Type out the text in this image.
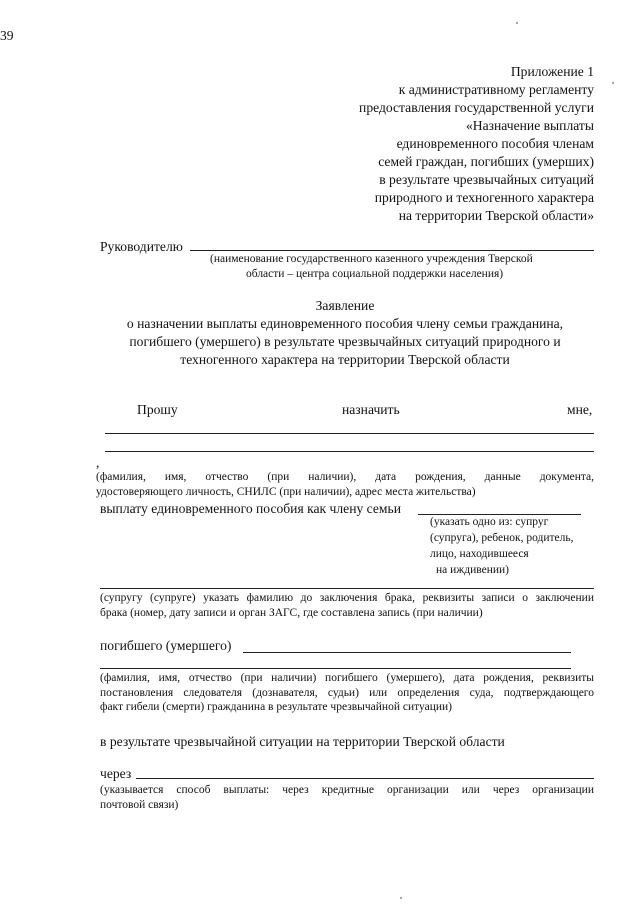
39
Приложение 1
к административному регламенту
предоставления государственной услуги
«Назначение выплаты
единовременного пособия членам
семей граждан, погибших (умерших)
в результате чрезвычайных ситуаций
природного и техногенного характера
на территории Тверской области»
Руководителю
(наименование государственного казенного учреждения Тверской
области – центра социальной поддержки населения)
Заявление
о назначении выплаты единовременного пособия члену семьи гражданина,
погибшего (умершего) в результате чрезвычайных ситуаций природного и
техногенного характера на территории Тверской области
Прошу	назначить	мне,
,
(фамилия, имя, отчество (при наличии), дата рождения, данные документа,
удостоверяющего личность, СНИЛС (при наличии), адрес места жительства)
выплату единовременного пособия как члену семьи
(указать одно из: супруг
(супруга), ребенок, родитель,
лицо, находившееся
на иждивении)
(супругу (супруге) указать фамилию до заключения брака, реквизиты записи о заключении
брака (номер, дату записи и орган ЗАГС, где составлена запись (при наличии)
погибшего (умершего)
(фамилия, имя, отчество (при наличии) погибшего (умершего), дата рождения, реквизиты
постановления следователя (дознавателя, судьи) или определения суда, подтверждающего
факт гибели (смерти) гражданина в результате чрезвычайной ситуации)
в результате чрезвычайной ситуации на территории Тверской области
через
(указывается способ выплаты: через кредитные организации или через организации
почтовой связи)
